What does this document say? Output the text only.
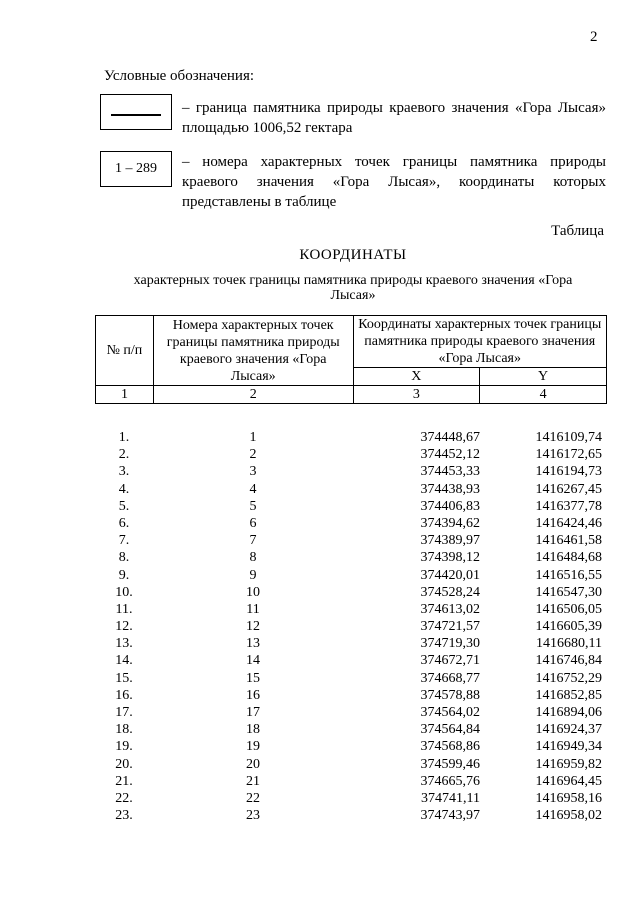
2
Условные обозначения:
– граница памятника природы краевого значения «Гора Лысая» площадью 1006,52 гектара
1 – 289	– номера характерных точек границы памятника природы краевого значения «Гора Лысая», координаты которых представлены в таблице
Таблица
КООРДИНАТЫ
характерных точек границы памятника природы краевого значения «Гора Лысая»
№ п/п	Номера характерных точек границы памятника природы краевого значения «Гора Лысая»	Координаты характерных точек границы памятника природы краевого значения «Гора Лысая»	
		X	Y
1	2	3	4
1.	1	374448,67	1416109,74
2.	2	374452,12	1416172,65
3.	3	374453,33	1416194,73
4.	4	374438,93	1416267,45
5.	5	374406,83	1416377,78
6.	6	374394,62	1416424,46
7.	7	374389,97	1416461,58
8.	8	374398,12	1416484,68
9.	9	374420,01	1416516,55
10.	10	374528,24	1416547,30
11.	11	374613,02	1416506,05
12.	12	374721,57	1416605,39
13.	13	374719,30	1416680,11
14.	14	374672,71	1416746,84
15.	15	374668,77	1416752,29
16.	16	374578,88	1416852,85
17.	17	374564,02	1416894,06
18.	18	374564,84	1416924,37
19.	19	374568,86	1416949,34
20.	20	374599,46	1416959,82
21.	21	374665,76	1416964,45
22.	22	374741,11	1416958,16
23.	23	374743,97	1416958,02
